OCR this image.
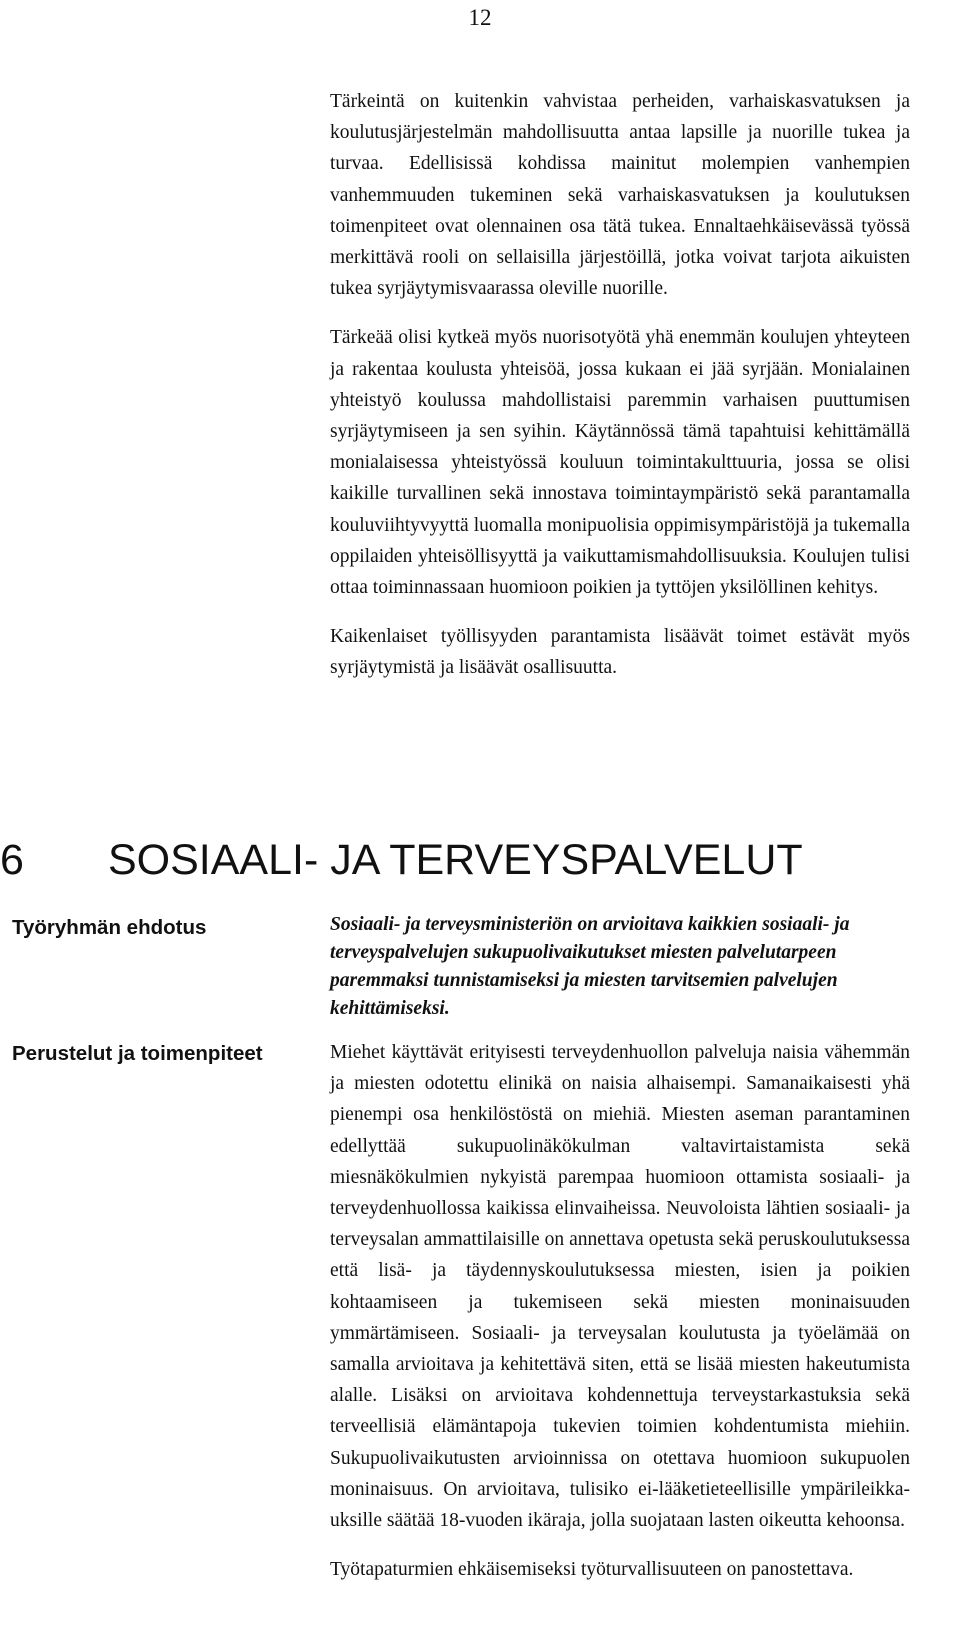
12

Tärkeintä on kuitenkin vahvistaa perheiden, varhaiskasvatuksen ja koulutusjärjestelmän mahdollisuutta antaa lapsille ja nuorille tukea ja turvaa. Edellisissä kohdissa mainitut molempien vanhempien vanhemmuuden tukeminen sekä varhaiskasvatuksen ja koulutuksen toimenpiteet ovat olennainen osa tätä tukea. Ennaltaehkäisevässä työssä merkittävä rooli on sellaisilla järjestöillä, jotka voivat tarjota aikuisten tukea syrjäytymisvaarassa oleville nuorille.

Tärkeää olisi kytkeä myös nuorisotyötä yhä enemmän koulujen yhteyteen ja rakentaa koulusta yhteisöä, jossa kukaan ei jää syrjään. Monialainen yhteistyö koulussa mahdollistaisi paremmin varhaisen puuttumisen syrjäytymiseen ja sen syihin. Käytännössä tämä tapahtuisi kehittämällä monialaisessa yhteistyössä kouluun toimintakulttuuria, jossa se olisi kaikille turvallinen sekä innostava toimintaympäristö sekä parantamalla kouluviihtyvyyttä luomalla monipuolisia oppimisympäristöjä ja tukemalla oppilaiden yhteisöllisyyttä ja vaikuttamismahdollisuuksia. Koulujen tulisi ottaa toiminnassaan huomioon poikien ja tyttöjen yksilöllinen kehitys.

Kaikenlaiset työllisyyden parantamista lisäävät toimet estävät myös syrjäytymistä ja lisäävät osallisuutta.

6 SOSIAALI- JA TERVEYSPALVELUT
Työryhmän ehdotus	Sosiaali- ja terveysministeriön on arvioitava kaikkien sosiaali- ja terveyspalvelujen sukupuolivaikutukset miesten palvelutarpeen paremmaksi tunnistamiseksi ja miesten tarvitsemien palvelujen kehittämiseksi.

Perustelut ja toimenpiteet	Miehet käyttävät erityisesti terveydenhuollon palveluja naisia vähemmän ja miesten odotettu elinikä on naisia alhaisempi. Samanaikaisesti yhä pienempi osa henkilöstöstä on miehiä. Miesten aseman parantaminen edellyttää sukupuolinäkökulman valtavirtaistamista sekä miesnäkökulmien nykyistä parempaa huomioon ottamista sosiaali- ja terveydenhuollossa kaikissa elinvaiheissa. Neuvoloista lähtien sosiaali- ja terveysalan ammattilaisille on annettava opetusta sekä peruskoulutuksessa että lisä- ja täydennyskoulutuksessa miesten, isien ja poikien kohtaamiseen ja tukemiseen sekä miesten moninaisuuden ymmärtämiseen. Sosiaali- ja terveysalan koulutusta ja työelämää on samalla arvioitava ja kehitettävä siten, että se lisää miesten hakeutumista alalle. Lisäksi on arvioitava kohdennettuja terveystarkastuksia sekä terveellisiä elämäntapoja tukevien toimien kohdentumista miehiin. Sukupuolivaikutusten arvioinnissa on otettava huomioon sukupuolen moninaisuus. On arvioitava, tulisiko ei-lääketieteellisille ympärileikkauksille säätää 18-vuoden ikäraja, jolla suojataan lasten oikeutta kehoonsa.

Työtapaturmien ehkäisemiseksi työturvallisuuteen on panostettava.
